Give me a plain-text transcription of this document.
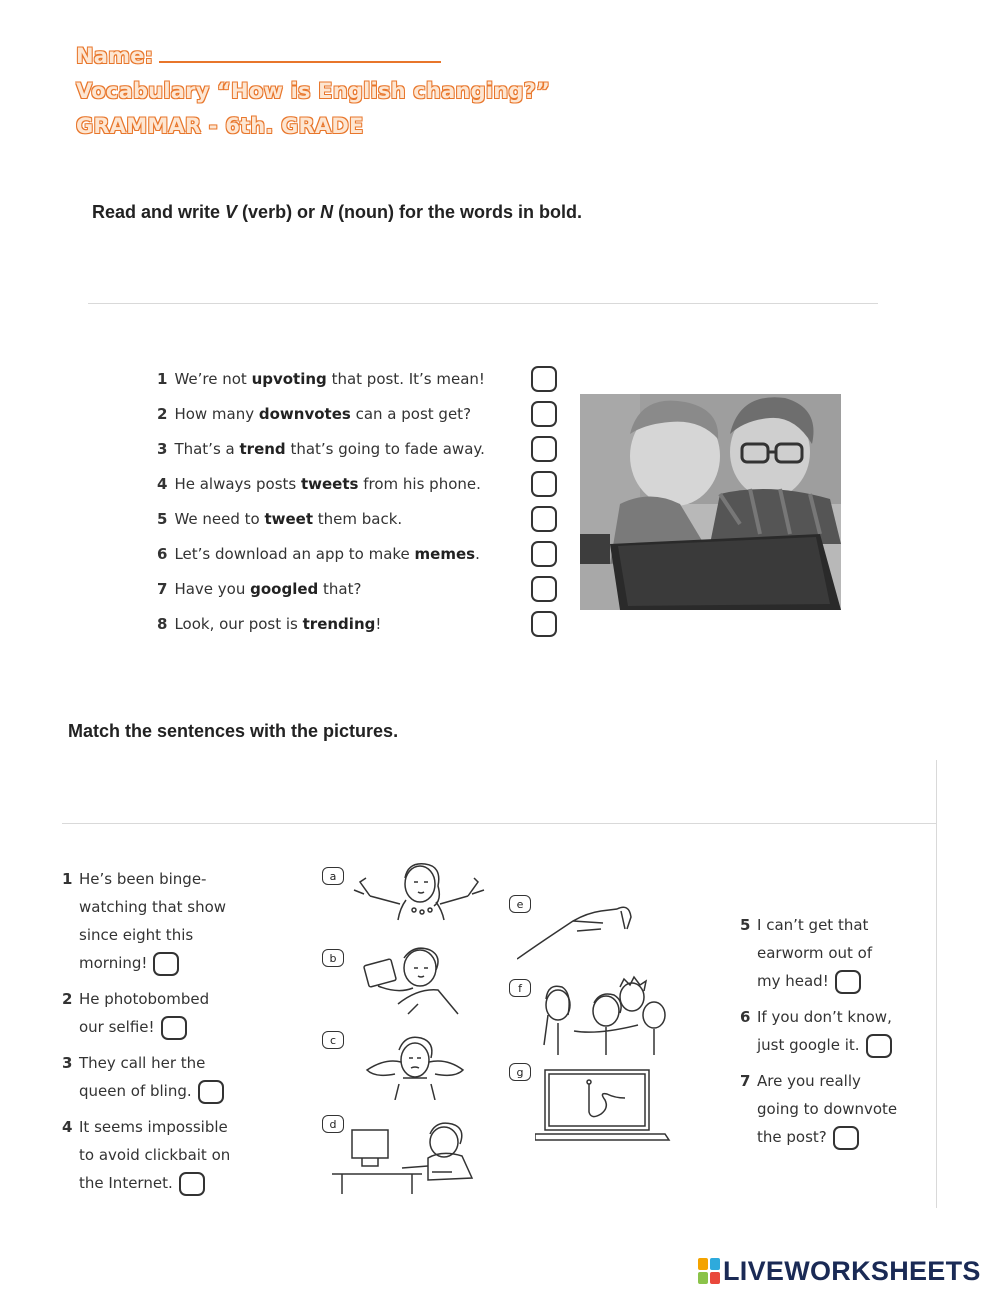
Name:
Vocabulary “How is English changing?”
GRAMMAR - 6th. GRADE
Read and write V (verb) or N (noun) for the words in bold.
1 We’re not upvoting that post. It’s mean!
2 How many downvotes can a post get?
3 That’s a trend that’s going to fade away.
4 He always posts tweets from his phone.
5 We need to tweet them back.
6 Let’s download an app to make memes.
7 Have you googled that?
8 Look, our post is trending!
Match the sentences with the pictures.
1 He’s been binge-
watching that show
since eight this
morning!
2 He photobombed
our selfie!
3 They call her the
queen of bling.
4 It seems impossible
to avoid clickbait on
the Internet.
5 I can’t get that
earworm out of
my head!
6 If you don’t know,
just google it.
7 Are you really
going to downvote
the post?
a
b
c
d
e
f
g
LIVEWORKSHEETS
